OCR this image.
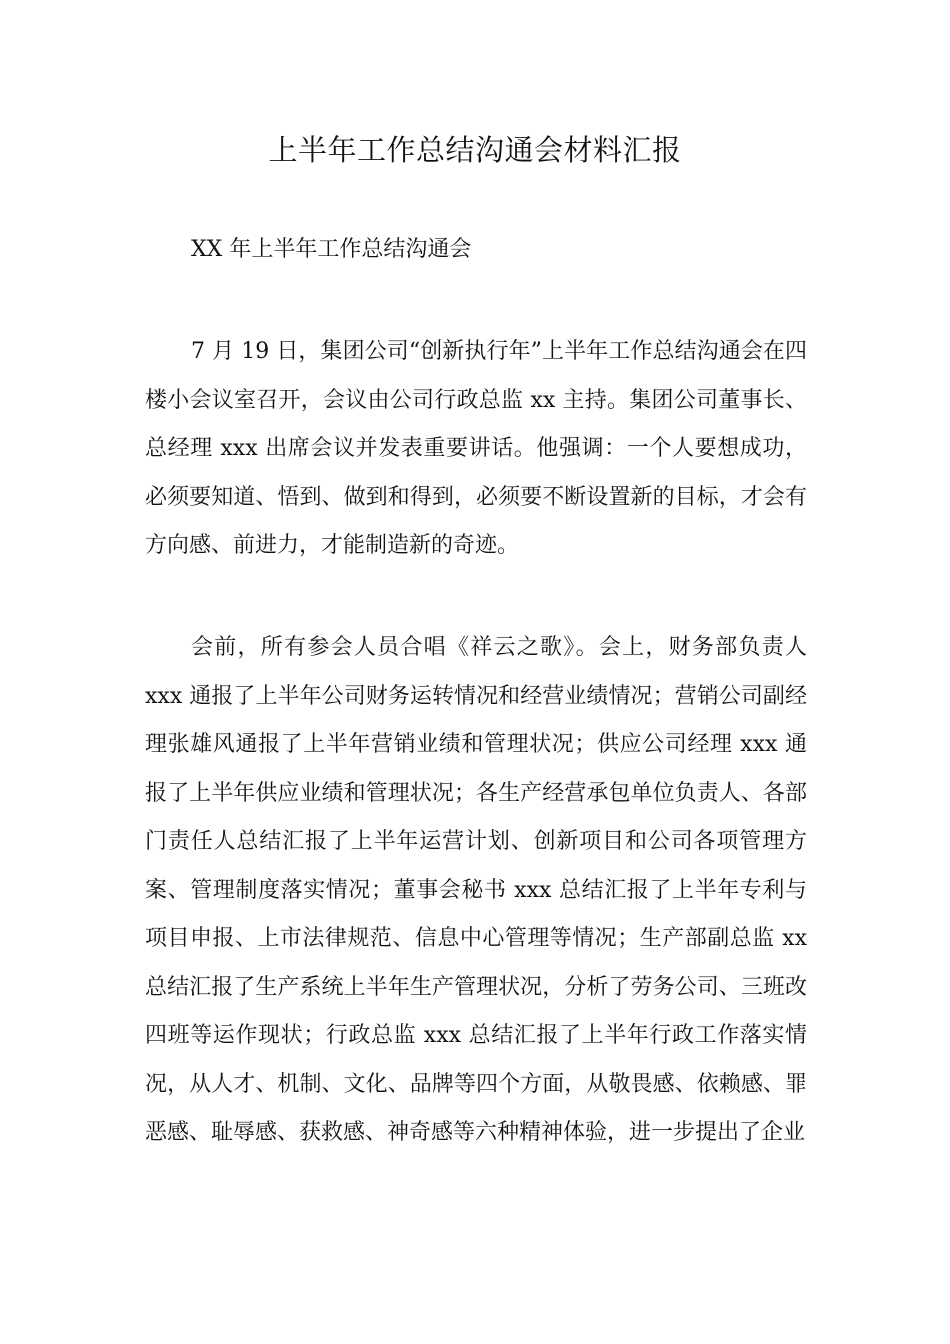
上半年工作总结沟通会材料汇报
XX 年上半年工作总结沟通会
7 月 19 日，集团公司“创新执行年”上半年工作总结沟通会在四楼小会议室召开，会议由公司行政总监 xx 主持。集团公司董事长、总经理 xxx 出席会议并发表重要讲话。他强调：一个人要想成功，必须要知道、悟到、做到和得到，必须要不断设置新的目标，才会有方向感、前进力，才能制造新的奇迹。
会前，所有参会人员合唱《祥云之歌》。会上，财务部负责人 xxx 通报了上半年公司财务运转情况和经营业绩情况；营销公司副经理张雄风通报了上半年营销业绩和管理状况；供应公司经理 xxx 通报了上半年供应业绩和管理状况；各生产经营承包单位负责人、各部门责任人总结汇报了上半年运营计划、创新项目和公司各项管理方案、管理制度落实情况；董事会秘书 xxx 总结汇报了上半年专利与项目申报、上市法律规范、信息中心管理等情况；生产部副总监 xx 总结汇报了生产系统上半年生产管理状况，分析了劳务公司、三班改四班等运作现状；行政总监 xxx 总结汇报了上半年行政工作落实情况，从人才、机制、文化、品牌等四个方面，从敬畏感、依赖感、罪恶感、耻辱感、获救感、神奇感等六种精神体验，进一步提出了企业
